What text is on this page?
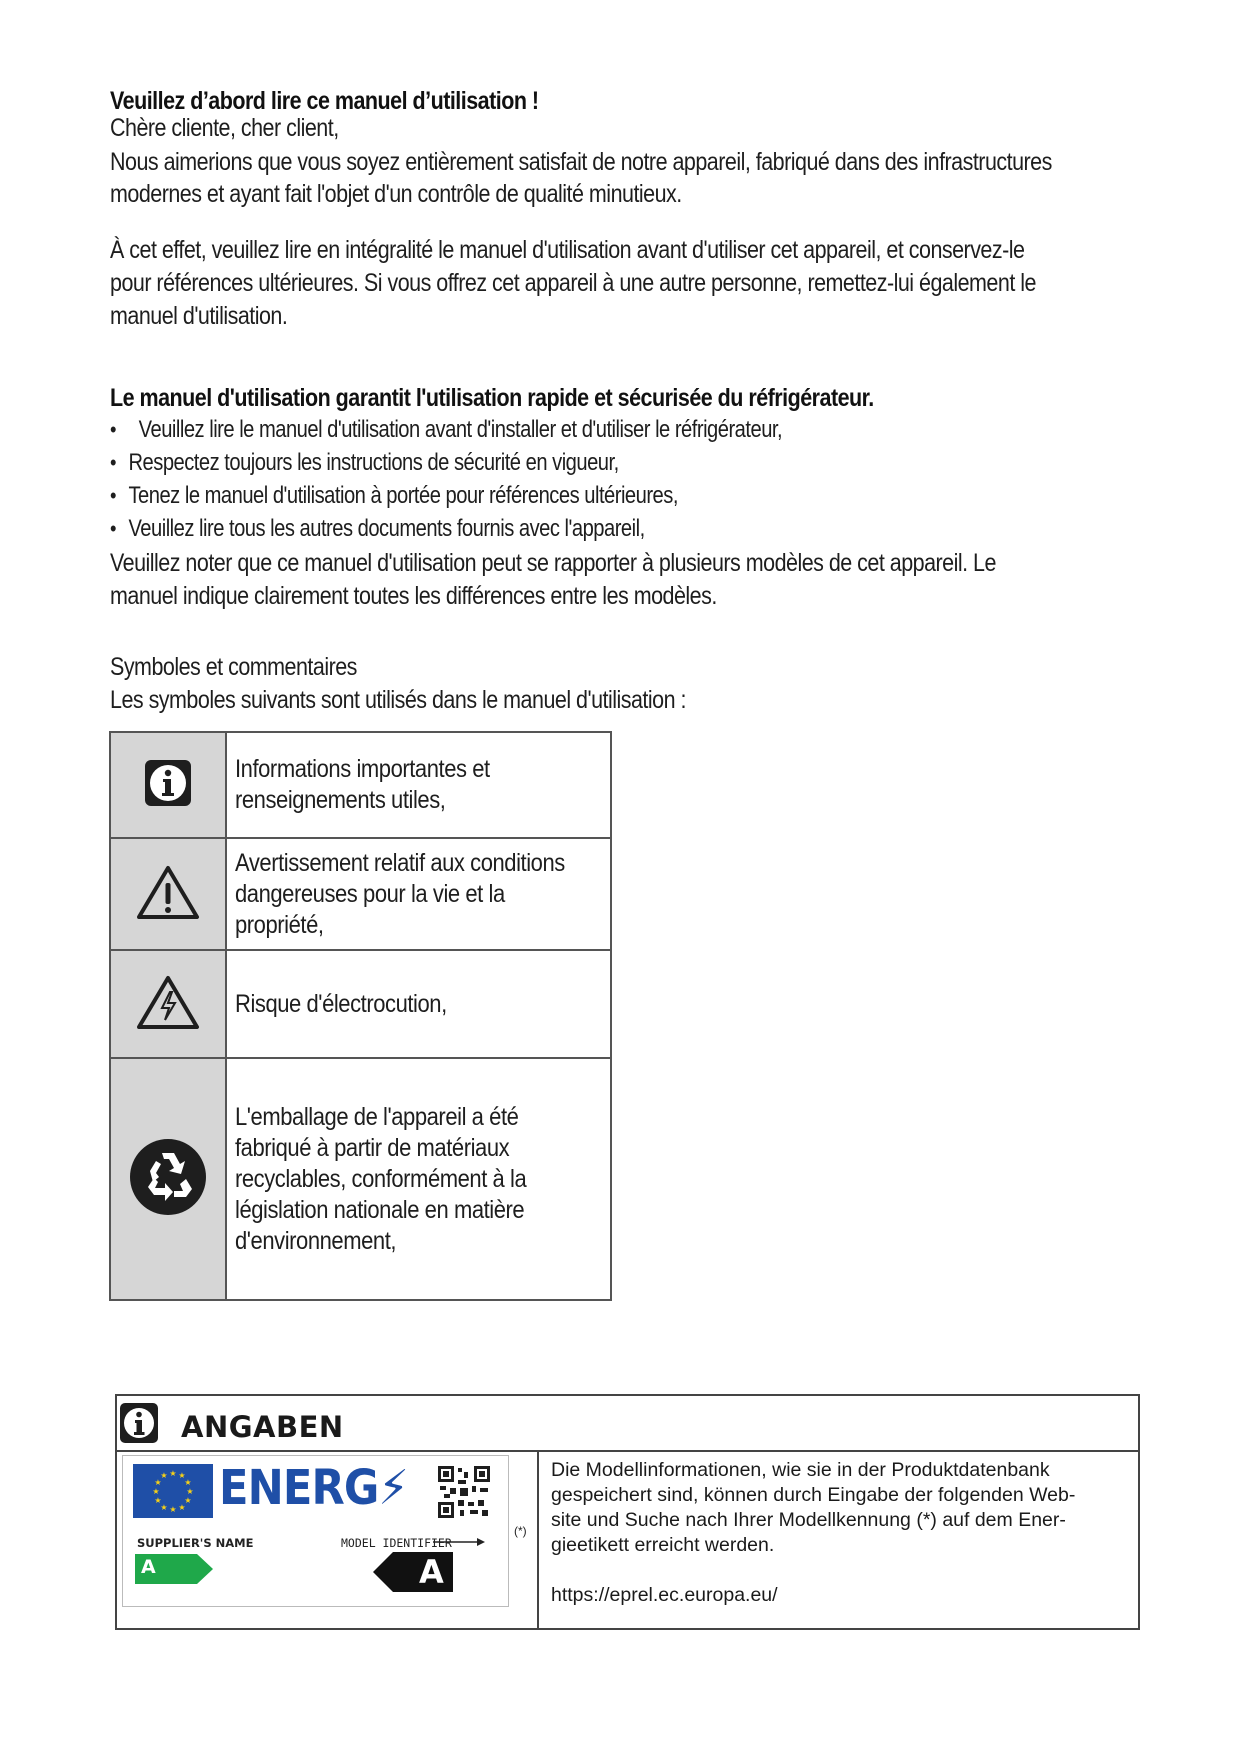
Veuillez d’abord lire ce manuel d’utilisation !
Chère cliente, cher client,
Nous aimerions que vous soyez entièrement satisfait de notre appareil, fabriqué dans des infrastructures
modernes et ayant fait l'objet d'un contrôle de qualité minutieux.
À cet effet, veuillez lire en intégralité le manuel d'utilisation avant d'utiliser cet appareil, et conservez-le
pour références ultérieures. Si vous offrez cet appareil à une autre personne, remettez-lui également le
manuel d'utilisation.
Le manuel d'utilisation garantit l'utilisation rapide et sécurisée du réfrigérateur.
• Veuillez lire le manuel d'utilisation avant d'installer et d'utiliser le réfrigérateur,
• Respectez toujours les instructions de sécurité en vigueur,
• Tenez le manuel d'utilisation à portée pour références ultérieures,
• Veuillez lire tous les autres documents fournis avec l'appareil,
Veuillez noter que ce manuel d'utilisation peut se rapporter à plusieurs modèles de cet appareil. Le
manuel indique clairement toutes les différences entre les modèles.
Symboles et commentaires
Les symboles suivants sont utilisés dans le manuel d'utilisation :

Informations importantes et
renseignements utiles,

Avertissement relatif aux conditions
dangereuses pour la vie et la
propriété,

Risque d'électrocution,

L'emballage de l'appareil a été
fabriqué à partir de matériaux
recyclables, conformément à la
législation nationale en matière
d'environnement,
ANGABEN
★ ★
★
★
★
★
★
★
★
★
★
★ ENERG⚡
SUPPLIER'S NAME	MODEL IDENTIFIER
A	A
(*)
Die Modellinformationen, wie sie in der Produktdatenbank
gespeichert sind, können durch Eingabe der folgenden Web-
site und Suche nach Ihrer Modellkennung (*) auf dem Ener-
gieetikett erreicht werden.
https://eprel.ec.europa.eu/
